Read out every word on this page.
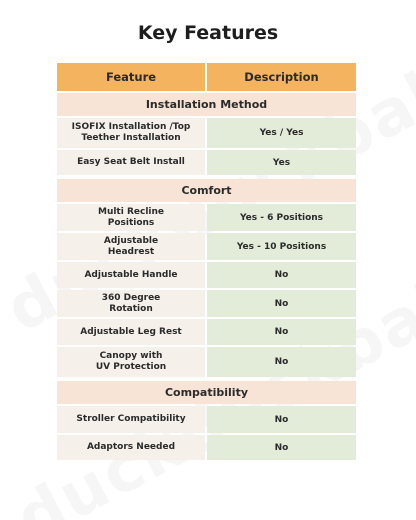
Key Features
Feature	Description
Installation Method
ISOFIX Installation /Top
Teether Installation	Yes / Yes
Easy Seat Belt Install	Yes
Comfort
Multi Recline
Positions	Yes - 6 Positions
Adjustable
Headrest	Yes - 10 Positions
Adjustable Handle	No
360 Degree
Rotation	No
Adjustable Leg Rest	No
Canopy with
UV Protection	No
Compatibility
Stroller Compatibility	No
Adaptors Needed	No
